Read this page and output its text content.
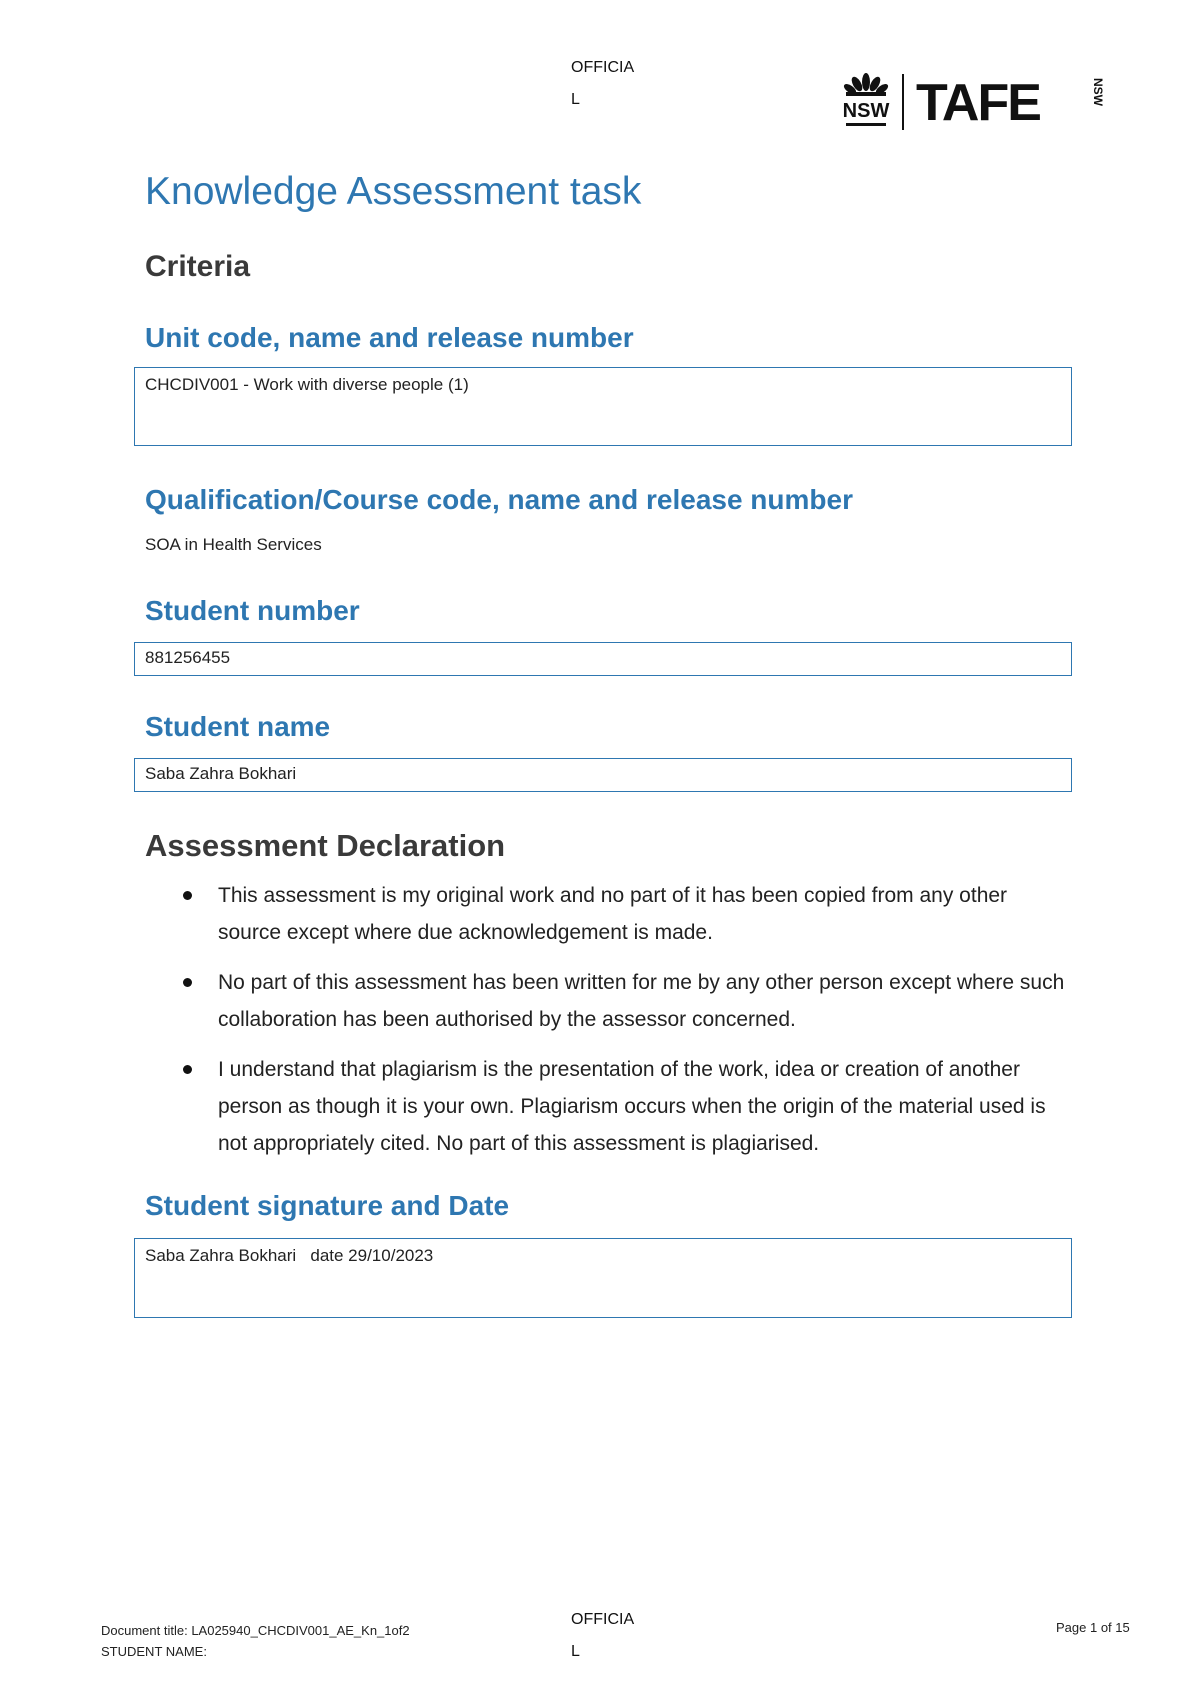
OFFICIA
L
NSW TAFE	NSW
Knowledge Assessment task
Criteria
Unit code, name and release number
CHCDIV001 - Work with diverse people (1)
Qualification/Course code, name and release number
SOA in Health Services
Student number
881256455
Student name
Saba Zahra Bokhari
Assessment Declaration
This assessment is my original work and no part of it has been copied from any other source except where due acknowledgement is made.
No part of this assessment has been written for me by any other person except where such collaboration has been authorised by the assessor concerned.
I understand that plagiarism is the presentation of the work, idea or creation of another person as though it is your own. Plagiarism occurs when the origin of the material used is not appropriately cited. No part of this assessment is plagiarised.
Student signature and Date
Saba Zahra Bokhari   date 29/10/2023
Document title: LA025940_CHCDIV001_AE_Kn_1of2
STUDENT NAME:
OFFICIA
L
Page 1 of 15
